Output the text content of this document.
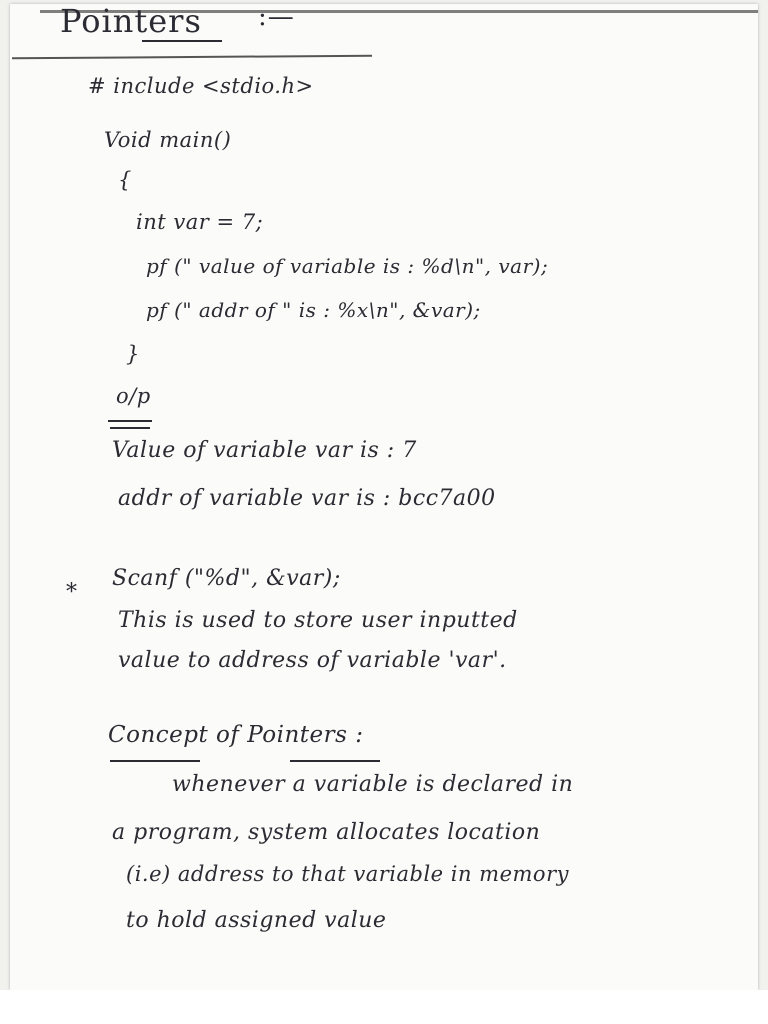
Pointers :—
# include <stdio.h>
Void main()
{
int var = 7;
pf (" value of variable is : %d\n", var);
pf (" addr of " is : %x\n", &var);
}
o/p
Value of variable var is : 7
addr of variable var is : bcc7a00
*
Scanf ("%d", &var);
This is used to store user inputted
value to address of variable 'var'.
Concept of Pointers :
whenever a variable is declared in
a program, system allocates location
(i.e) address to that variable in memory
to hold assigned value
